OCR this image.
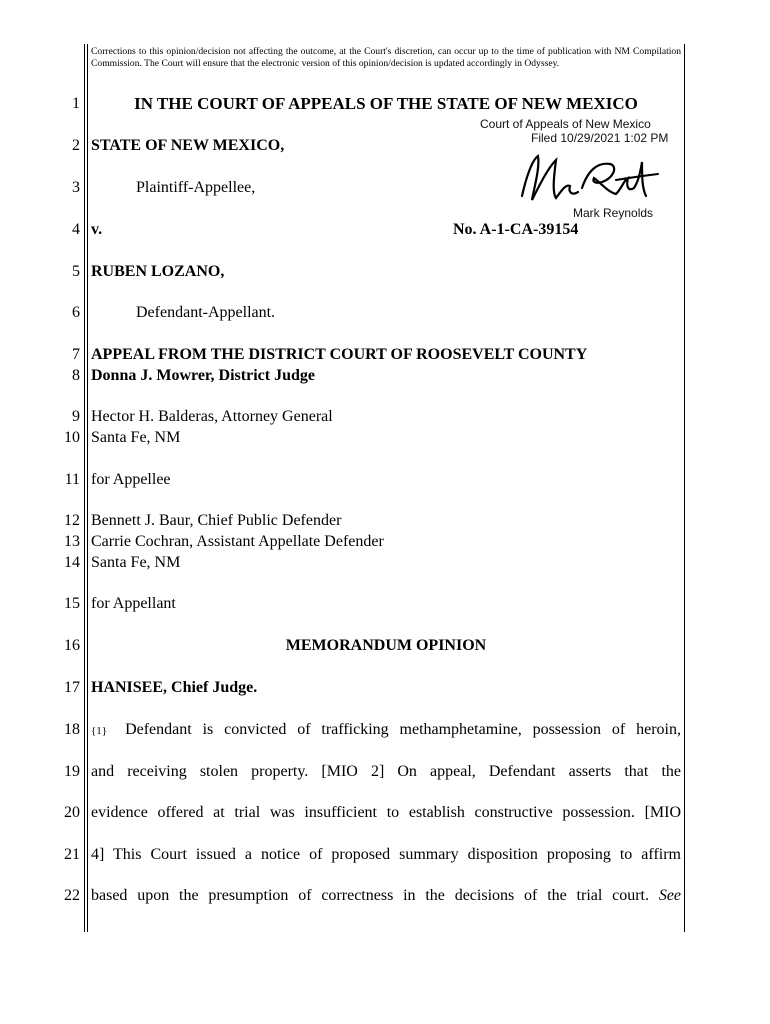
Corrections to this opinion/decision not affecting the outcome, at the Court's discretion, can occur up to the time of publication with NM Compilation Commission. The Court will ensure that the electronic version of this opinion/decision is updated accordingly in Odyssey.
1
2
3
4
5
6
7
8
9
10
11
12
13
14
15
16
17
18
19
20
21
22
IN THE COURT OF APPEALS OF THE STATE OF NEW MEXICO
Court of Appeals of New Mexico
Filed 10/29/2021 1:02 PM
Mark Reynolds
STATE OF NEW MEXICO,
Plaintiff-Appellee,
v.	No. A-1-CA-39154
RUBEN LOZANO,
Defendant-Appellant.
APPEAL FROM THE DISTRICT COURT OF ROOSEVELT COUNTY
Donna J. Mowrer, District Judge
Hector H. Balderas, Attorney General
Santa Fe, NM
for Appellee
Bennett J. Baur, Chief Public Defender
Carrie Cochran, Assistant Appellate Defender
Santa Fe, NM
for Appellant
MEMORANDUM OPINION
HANISEE, Chief Judge.
{1} Defendant is convicted of trafficking methamphetamine, possession of heroin,
and receiving stolen property. [MIO 2] On appeal, Defendant asserts that the
evidence offered at trial was insufficient to establish constructive possession. [MIO
4] This Court issued a notice of proposed summary disposition proposing to affirm
based upon the presumption of correctness in the decisions of the trial court. See
